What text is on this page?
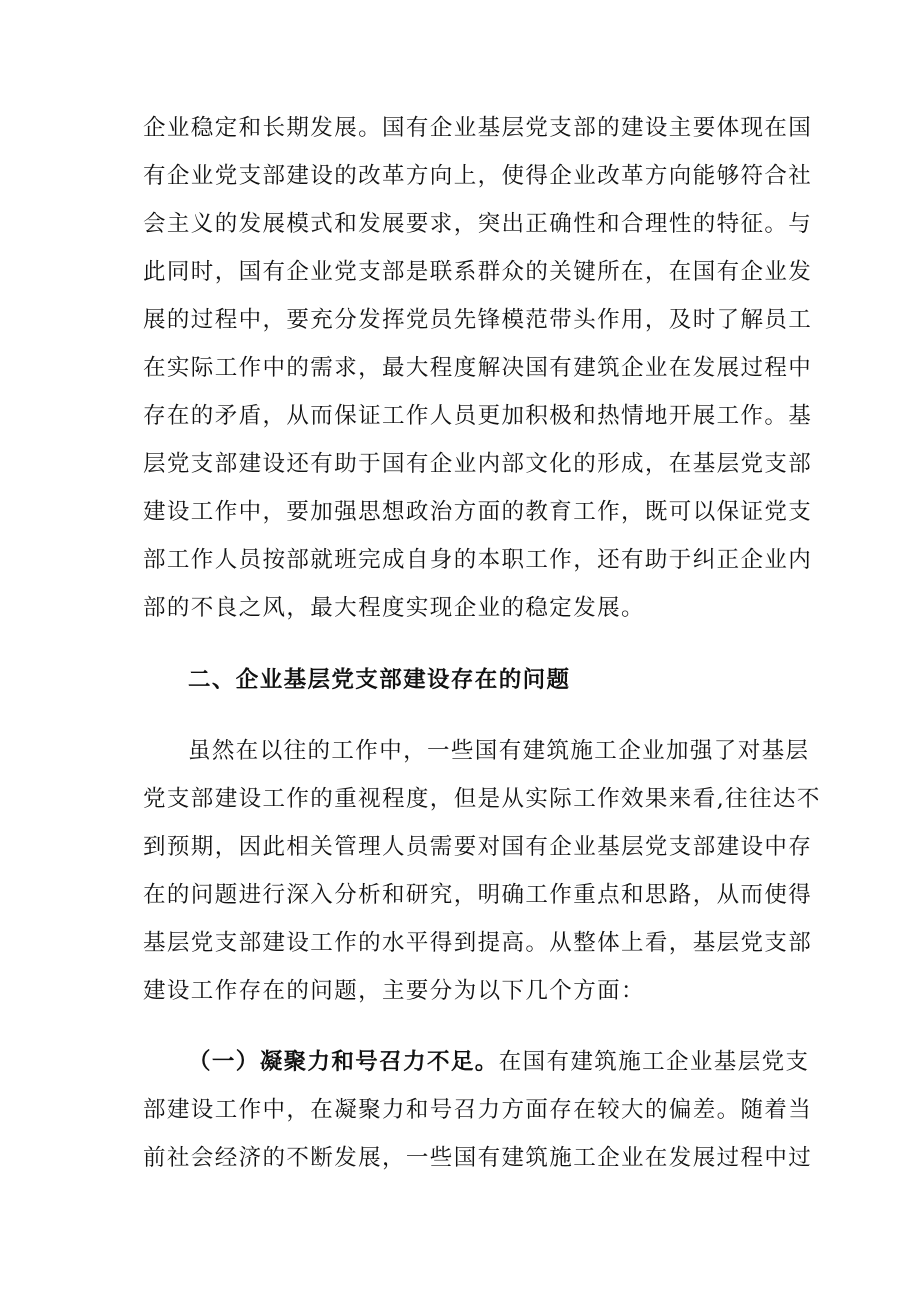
企业稳定和长期发展。国有企业基层党支部的建设主要体现在国
有企业党支部建设的改革方向上，使得企业改革方向能够符合社
会主义的发展模式和发展要求，突出正确性和合理性的特征。与
此同时，国有企业党支部是联系群众的关键所在，在国有企业发
展的过程中，要充分发挥党员先锋模范带头作用，及时了解员工
在实际工作中的需求，最大程度解决国有建筑企业在发展过程中
存在的矛盾，从而保证工作人员更加积极和热情地开展工作。基
层党支部建设还有助于国有企业内部文化的形成，在基层党支部
建设工作中，要加强思想政治方面的教育工作，既可以保证党支
部工作人员按部就班完成自身的本职工作，还有助于纠正企业内
部的不良之风，最大程度实现企业的稳定发展。
二、企业基层党支部建设存在的问题
虽然在以往的工作中，一些国有建筑施工企业加强了对基层
党支部建设工作的重视程度，但是从实际工作效果来看,往往达不
到预期，因此相关管理人员需要对国有企业基层党支部建设中存
在的问题进行深入分析和研究，明确工作重点和思路，从而使得
基层党支部建设工作的水平得到提高。从整体上看，基层党支部
建设工作存在的问题，主要分为以下几个方面：
（一）凝聚力和号召力不足。在国有建筑施工企业基层党支
部建设工作中，在凝聚力和号召力方面存在较大的偏差。随着当
前社会经济的不断发展，一些国有建筑施工企业在发展过程中过
